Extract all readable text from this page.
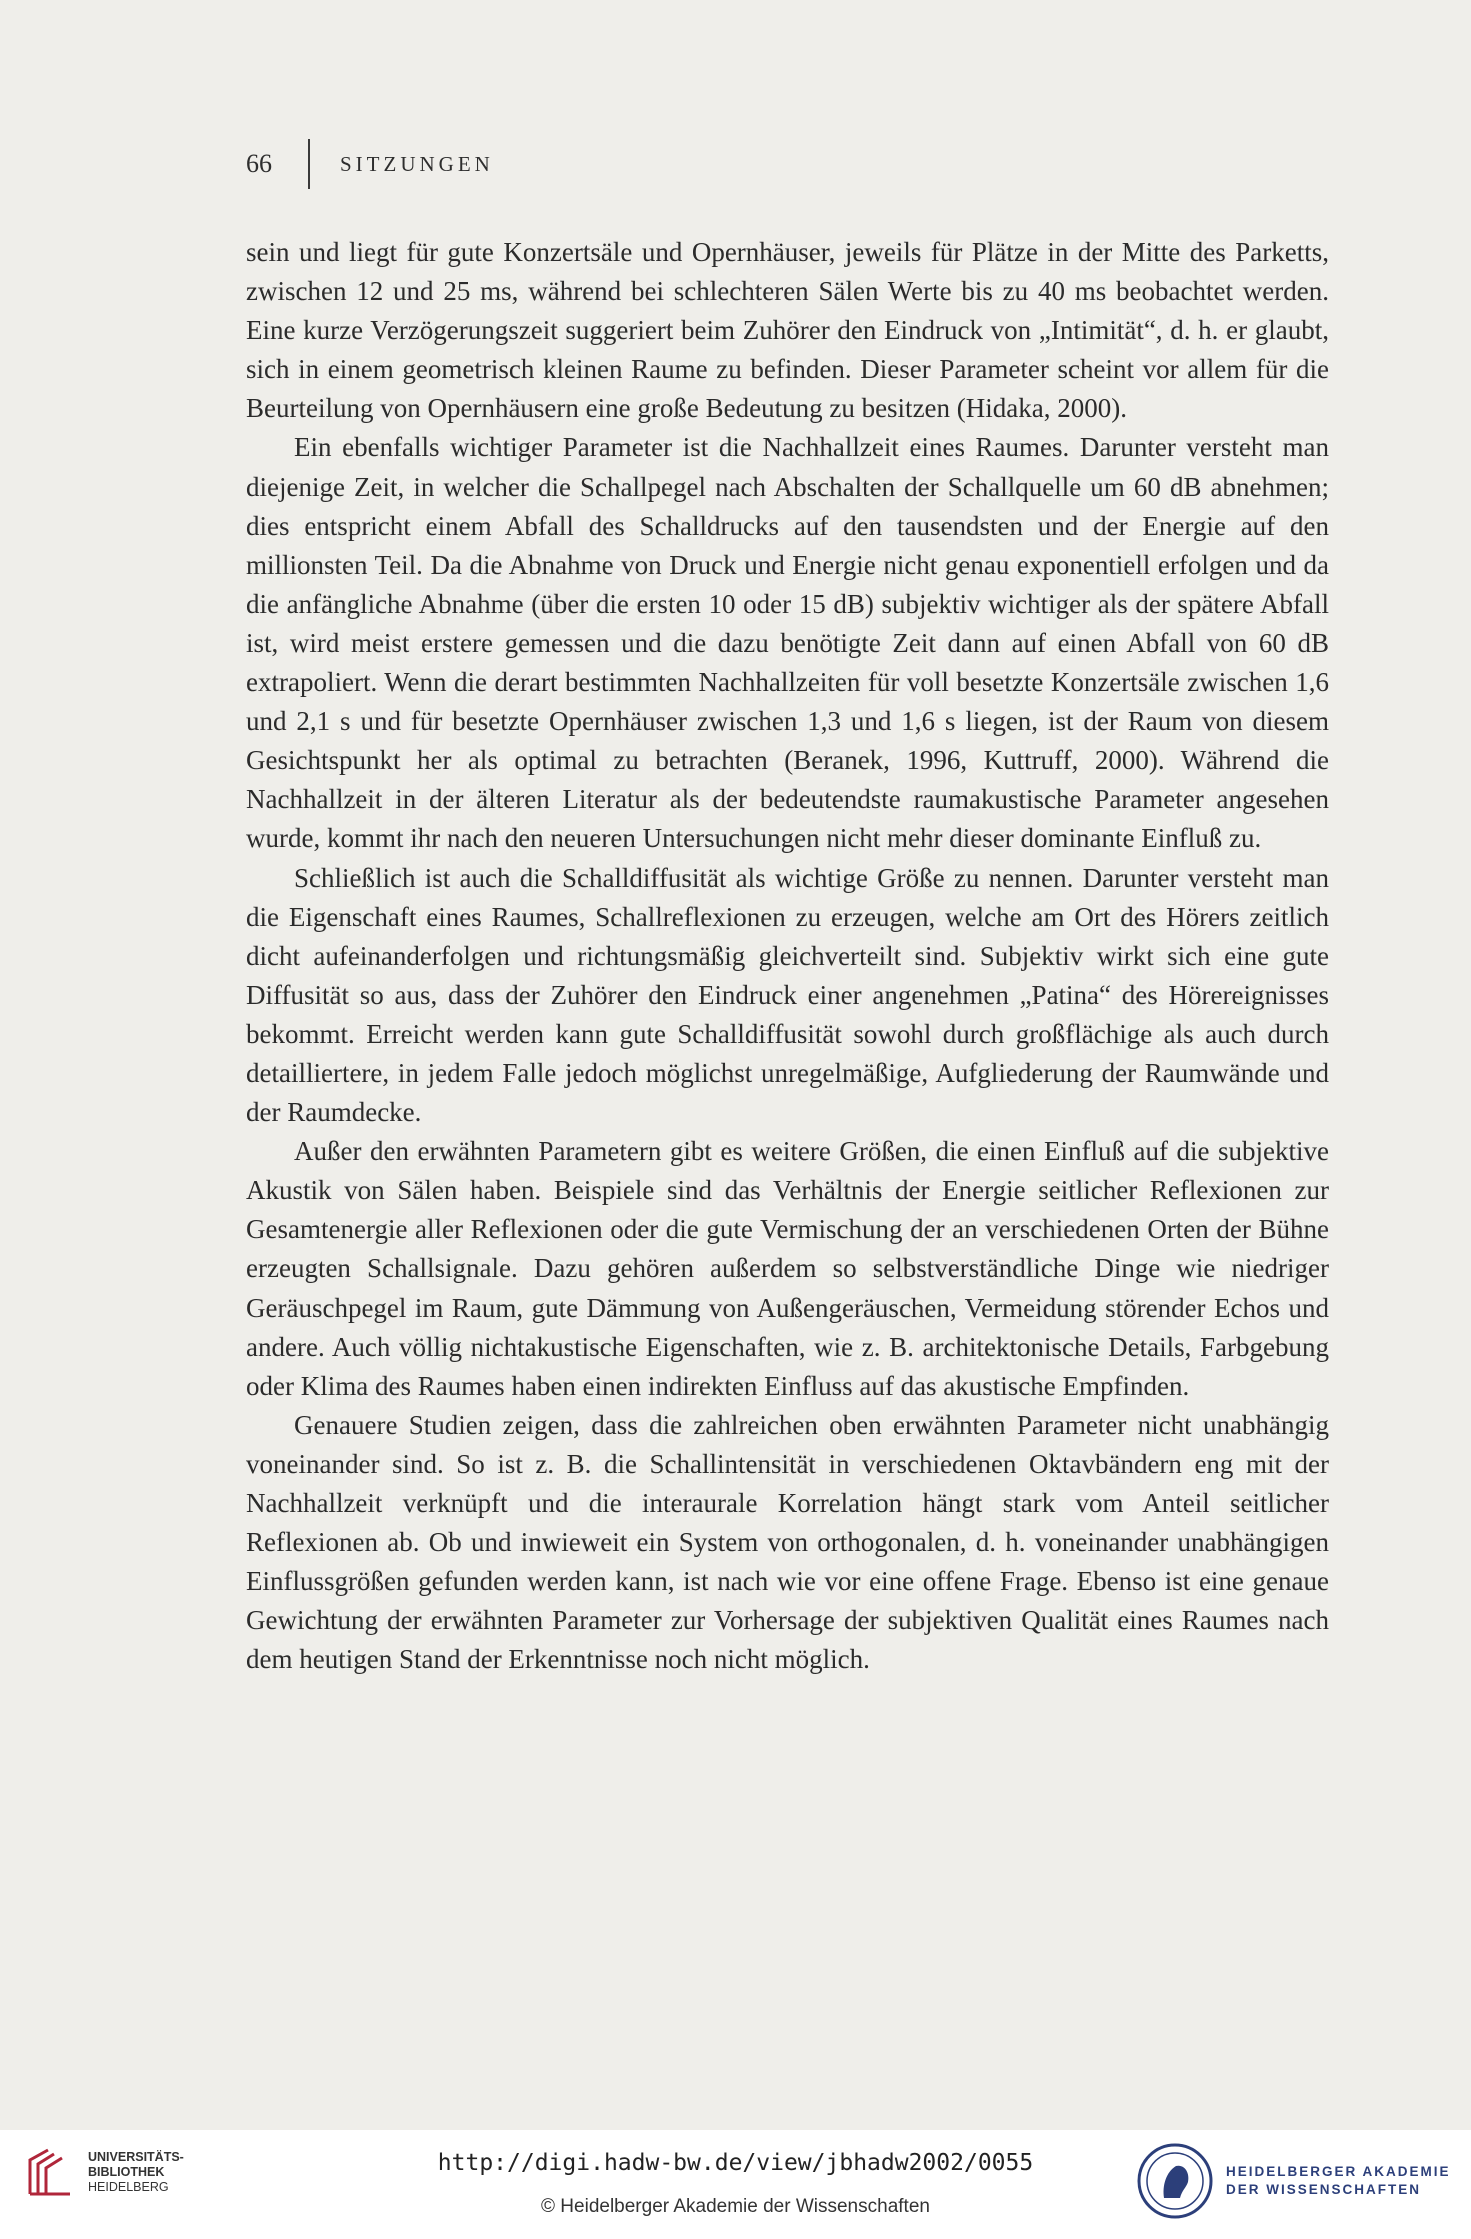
66	SITZUNGEN

sein und liegt für gute Konzertsäle und Opernhäuser, jeweils für Plätze in der Mitte des Parketts, zwischen 12 und 25 ms, während bei schlechteren Sälen Werte bis zu 40 ms beobachtet werden. Eine kurze Verzögerungszeit suggeriert beim Zuhörer den Eindruck von „Intimität“, d. h. er glaubt, sich in einem geometrisch kleinen Raume zu befinden. Dieser Parameter scheint vor allem für die Beurteilung von Opernhäusern eine große Bedeutung zu besitzen (Hidaka, 2000).

Ein ebenfalls wichtiger Parameter ist die Nachhallzeit eines Raumes. Darunter versteht man diejenige Zeit, in welcher die Schallpegel nach Abschalten der Schallquelle um 60 dB abnehmen; dies entspricht einem Abfall des Schalldrucks auf den tausendsten und der Energie auf den millionsten Teil. Da die Abnahme von Druck und Energie nicht genau exponentiell erfolgen und da die anfängliche Abnahme (über die ersten 10 oder 15 dB) subjektiv wichtiger als der spätere Abfall ist, wird meist erstere gemessen und die dazu benötigte Zeit dann auf einen Abfall von 60 dB extrapoliert. Wenn die derart bestimmten Nachhallzeiten für voll besetzte Konzertsäle zwischen 1,6 und 2,1 s und für besetzte Opernhäuser zwischen 1,3 und 1,6 s liegen, ist der Raum von diesem Gesichtspunkt her als optimal zu betrachten (Beranek, 1996, Kuttruff, 2000). Während die Nachhallzeit in der älteren Literatur als der bedeutendste raumakustische Parameter angesehen wurde, kommt ihr nach den neueren Untersuchungen nicht mehr dieser dominante Einfluß zu.

Schließlich ist auch die Schalldiffusität als wichtige Größe zu nennen. Darunter versteht man die Eigenschaft eines Raumes, Schallreflexionen zu erzeugen, welche am Ort des Hörers zeitlich dicht aufeinanderfolgen und richtungsmäßig gleichverteilt sind. Subjektiv wirkt sich eine gute Diffusität so aus, dass der Zuhörer den Eindruck einer angenehmen „Patina“ des Hörereignisses bekommt. Erreicht werden kann gute Schalldiffusität sowohl durch großflächige als auch durch detailliertere, in jedem Falle jedoch möglichst unregelmäßige, Aufgliederung der Raumwände und der Raumdecke.

Außer den erwähnten Parametern gibt es weitere Größen, die einen Einfluß auf die subjektive Akustik von Sälen haben. Beispiele sind das Verhältnis der Energie seitlicher Reflexionen zur Gesamtenergie aller Reflexionen oder die gute Vermischung der an verschiedenen Orten der Bühne erzeugten Schallsignale. Dazu gehören außerdem so selbstverständliche Dinge wie niedriger Geräuschpegel im Raum, gute Dämmung von Außengeräuschen, Vermeidung störender Echos und andere. Auch völlig nichtakustische Eigenschaften, wie z. B. architektonische Details, Farbgebung oder Klima des Raumes haben einen indirekten Einfluss auf das akustische Empfinden.

Genauere Studien zeigen, dass die zahlreichen oben erwähnten Parameter nicht unabhängig voneinander sind. So ist z. B. die Schallintensität in verschiedenen Oktavbändern eng mit der Nachhallzeit verknüpft und die interaurale Korrelation hängt stark vom Anteil seitlicher Reflexionen ab. Ob und inwieweit ein System von orthogonalen, d. h. voneinander unabhängigen Einflussgrößen gefunden werden kann, ist nach wie vor eine offene Frage. Ebenso ist eine genaue Gewichtung der erwähnten Parameter zur Vorhersage der subjektiven Qualität eines Raumes nach dem heutigen Stand der Erkenntnisse noch nicht möglich.

UNIVERSITÄTS-
BIBLIOTHEK
HEIDELBERG
http://digi.hadw-bw.de/view/jbhadw2002/0055
© Heidelberger Akademie der Wissenschaften
HEIDELBERGER AKADEMIE
DER WISSENSCHAFTEN
